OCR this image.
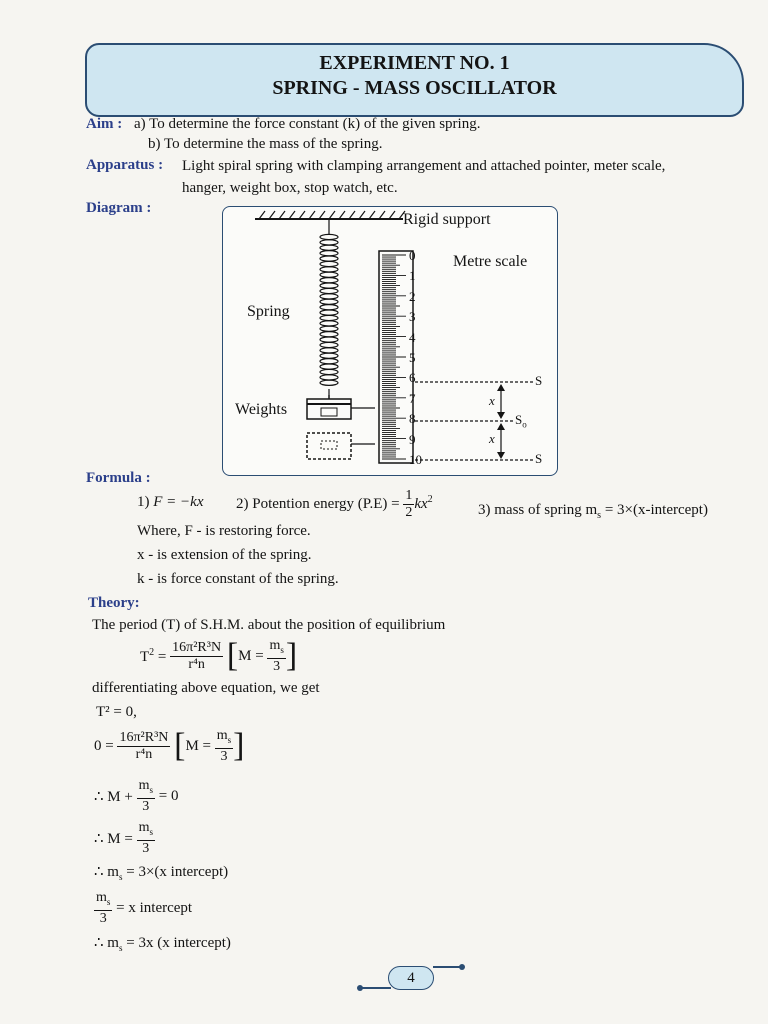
EXPERIMENT NO. 1
SPRING - MASS OSCILLATOR
Aim : a) To determine the force constant (k) of the given spring.
b) To determine the mass of the spring.
Apparatus : Light spiral spring with clamping arrangement and attached pointer, meter scale,
hanger, weight box, stop watch, etc.
Diagram :
Rigid support
Metre scale
Spring
Weights
0
1
2
3
4
5
6
7
8
9
10
S
$S_o$
S
x
x
Formula :
1) F = −kx 2) Potention energy $(P.E) = \frac{1}{2} kx^2$
3) mass of spring $m_s$ = 3×(x-intercept)
Where, F - is restoring force.
x - is extension of the spring.
k - is force constant of the spring.
Theory:
The period (T) of S.H.M. about the position of equilibrium
$T^2 = \frac{\text{16π²R³N}}{\text{r⁴n}} [M = \frac{m_s}{3}$ ]
differentiating above equation, we get
T² = 0,
$0 = \frac{\text{16π²R³N}}{\text{r⁴n}} [M = \frac{m_s}{3}$ ]
∴ $M + \frac{m_s}{3} = 0$
∴ $M = \frac{m_s}{3}$
∴ $m_s = 3\times(x$ intercept)
$\frac{m_s}{3} = x$ intercept
∴ $m_s = 3x$ (x intercept)
4
